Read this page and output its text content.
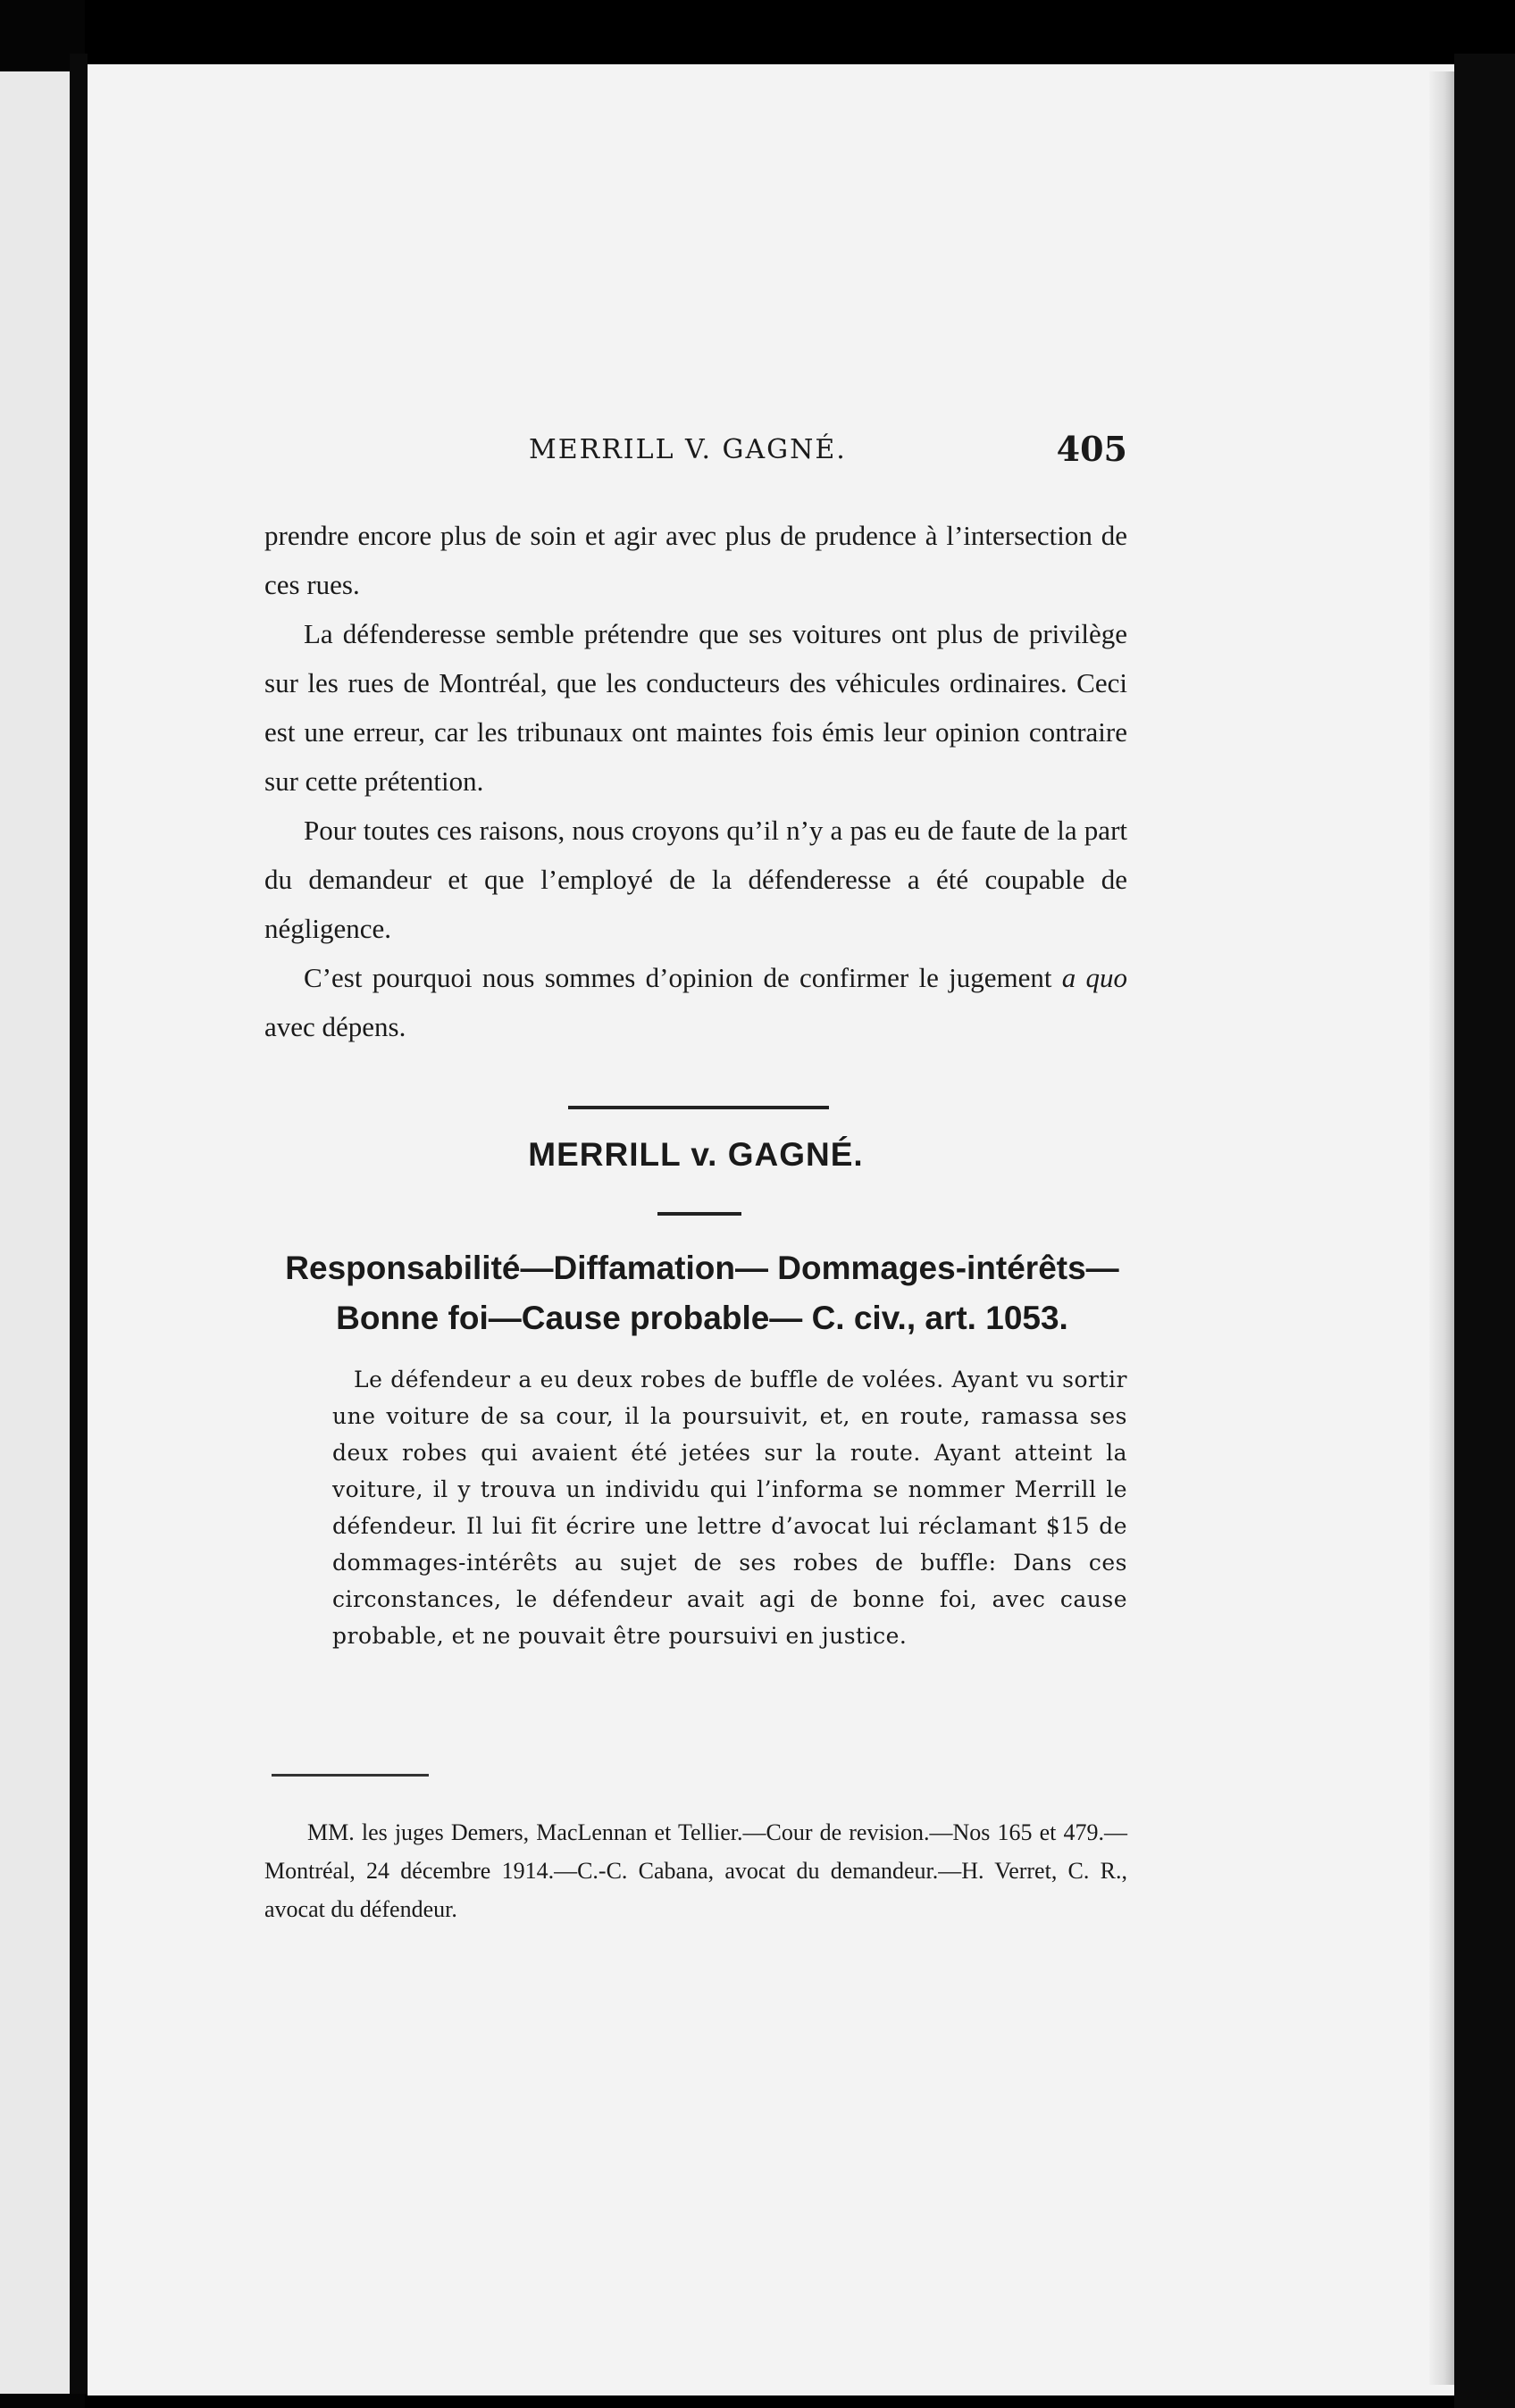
MERRILL V. GAGNÉ.	405

prendre encore plus de soin et agir avec plus de prudence à l’intersection de ces rues.

La défenderesse semble prétendre que ses voitures ont plus de privilège sur les rues de Montréal, que les conducteurs des véhicules ordinaires. Ceci est une erreur, car les tribunaux ont maintes fois émis leur opinion contraire sur cette prétention.

Pour toutes ces raisons, nous croyons qu’il n’y a pas eu de faute de la part du demandeur et que l’employé de la défenderesse a été coupable de négligence.

C’est pourquoi nous sommes d’opinion de confirmer le jugement a quo avec dépens.

MERRILL v. GAGNÉ.
Responsabilité—Diffamation— Dommages-intérêts—
Bonne foi—Cause probable— C. civ., art. 1053.

Le défendeur a eu deux robes de buffle de volées. Ayant vu sortir une voiture de sa cour, il la poursuivit, et, en route, ramassa ses deux robes qui avaient été jetées sur la route. Ayant atteint la voiture, il y trouva un individu qui l’informa se nommer Merrill le défendeur. Il lui fit écrire une lettre d’avocat lui réclamant $15 de dommages-intérêts au sujet de ses robes de buffle: Dans ces circonstances, le défendeur avait agi de bonne foi, avec cause probable, et ne pouvait être poursuivi en justice.

MM. les juges Demers, MacLennan et Tellier.—Cour de revision.—Nos 165 et 479.—Montréal, 24 décembre 1914.—C.-C. Cabana, avocat du demandeur.—H. Verret, C. R., avocat du défendeur.
